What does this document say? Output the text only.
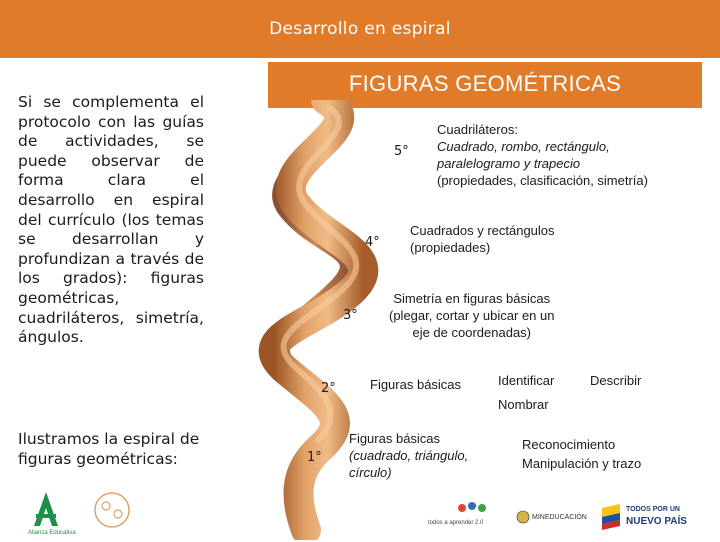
Desarrollo en espiral
Si se complementa el protocolo con las guías de actividades, se puede observar de forma clara el desarrollo en espiral del currículo (los temas se desarrollan y profundizan a través de los grados): figuras geométricas, cuadriláteros, simetría, ángulos.
Ilustramos la espiral de figuras geométricas:
FIGURAS GEOMÉTRICAS
5°
Cuadriláteros:
Cuadrado, rombo, rectángulo,
paralelogramo y trapecio
(propiedades, clasificación, simetría)
4°
Cuadrados y rectángulos
(propiedades)
3°
Simetría en figuras básicas
(plegar, cortar y ubicar en un
eje de coordenadas)
2°	Figuras básicas	Identificar	Describir
Nombrar
1°
Figuras básicas
(cuadrado, triángulo,
círculo)
Reconocimiento
Manipulación y trazo
Alianza Educativa
todos a aprender 2.0
MINEDUCACIÓN
TODOS POR UN
NUEVO PAÍS
